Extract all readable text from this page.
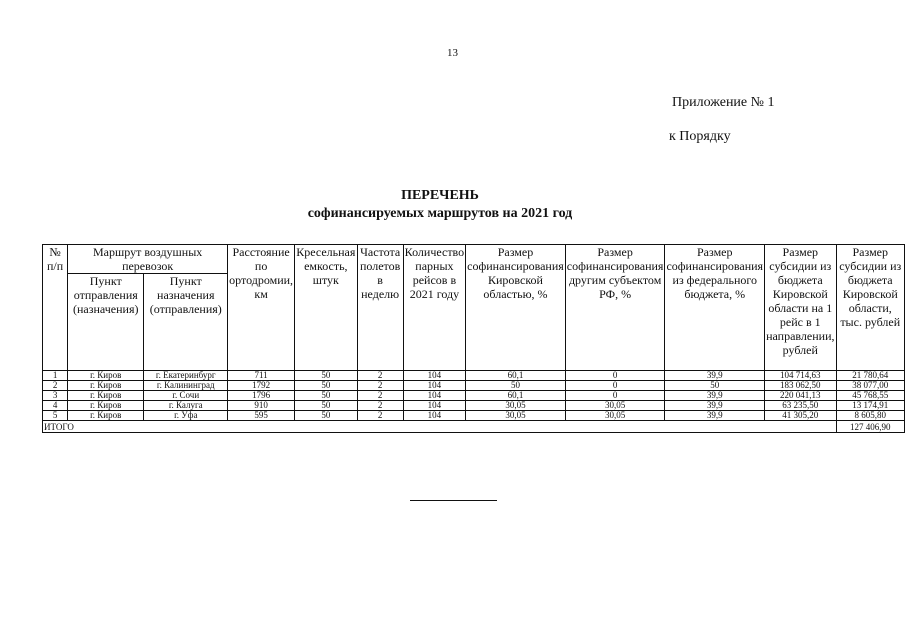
13
Приложение № 1
к Порядку
ПЕРЕЧЕНЬ
софинансируемых маршрутов на 2021 год
№ п/п	Маршрут воздушных перевозок		Расстояние по ортодромии, км	Кресельная емкость, штук	Частота полетов в неделю	Количество парных рейсов в 2021 году	Размер софинансирования Кировской областью, %	Размер софинансирования другим субъектом РФ, %	Размер софинансирования из федерального бюджета, %	Размер субсидии из бюджета Кировской области на 1 рейс в 1 направлении, рублей	Размер субсидии из бюджета Кировской области, тыс. рублей
	Пункт отправления (назначения)	Пункт назначения (отправления)									
1	г. Киров	г. Екатеринбург	711	50	2	104	60,1	0	39,9	104 714,63	21 780,64
2	г. Киров	г. Калининград	1792	50	2	104	50	0	50	183 062,50	38 077,00
3	г. Киров	г. Сочи	1796	50	2	104	60,1	0	39,9	220 041,13	45 768,55
4	г. Киров	г. Калуга	910	50	2	104	30,05	30,05	39,9	63 235,50	13 174,91
5	г. Киров	г. Уфа	595	50	2	104	30,05	30,05	39,9	41 305,20	8 605,80
ИТОГО											127 406,90
